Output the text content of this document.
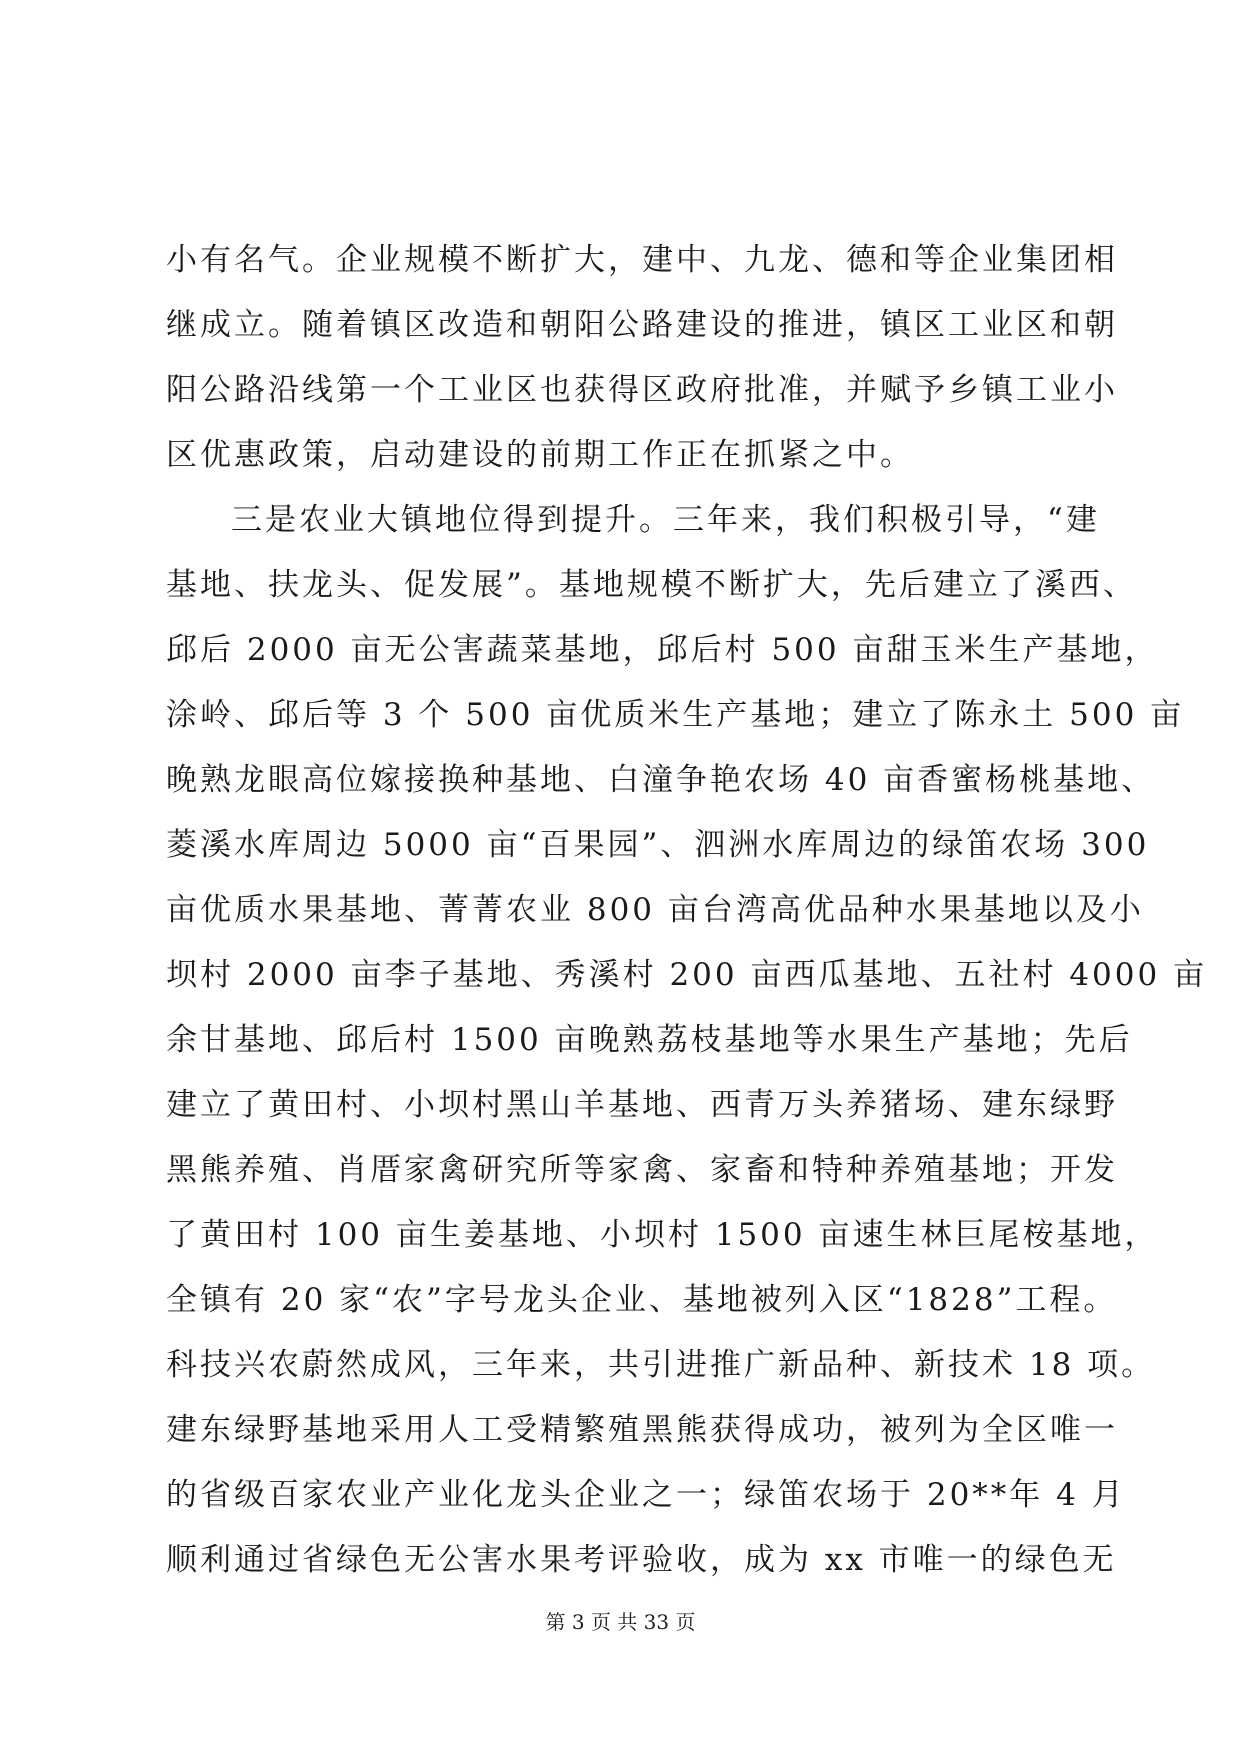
小有名气。企业规模不断扩大，建中、九龙、德和等企业集团相
继成立。随着镇区改造和朝阳公路建设的推进，镇区工业区和朝
阳公路沿线第一个工业区也获得区政府批准，并赋予乡镇工业小
区优惠政策，启动建设的前期工作正在抓紧之中。
三是农业大镇地位得到提升。三年来，我们积极引导，“建
基地、扶龙头、促发展”。基地规模不断扩大，先后建立了溪西、
邱后 2000 亩无公害蔬菜基地，邱后村 500 亩甜玉米生产基地，
涂岭、邱后等 3 个 500 亩优质米生产基地；建立了陈永土 500 亩
晚熟龙眼高位嫁接换种基地、白潼争艳农场 40 亩香蜜杨桃基地、
菱溪水库周边 5000 亩“百果园”、泗洲水库周边的绿笛农场 300
亩优质水果基地、菁菁农业 800 亩台湾高优品种水果基地以及小
坝村 2000 亩李子基地、秀溪村 200 亩西瓜基地、五社村 4000 亩
余甘基地、邱后村 1500 亩晚熟荔枝基地等水果生产基地；先后
建立了黄田村、小坝村黑山羊基地、西青万头养猪场、建东绿野
黑熊养殖、肖厝家禽研究所等家禽、家畜和特种养殖基地；开发
了黄田村 100 亩生姜基地、小坝村 1500 亩速生林巨尾桉基地，
全镇有 20 家“农”字号龙头企业、基地被列入区“1828”工程。
科技兴农蔚然成风，三年来，共引进推广新品种、新技术 18 项。
建东绿野基地采用人工受精繁殖黑熊获得成功，被列为全区唯一
的省级百家农业产业化龙头企业之一；绿笛农场于 20**年 4 月
顺利通过省绿色无公害水果考评验收，成为 xx 市唯一的绿色无
第 3 页 共 33 页
